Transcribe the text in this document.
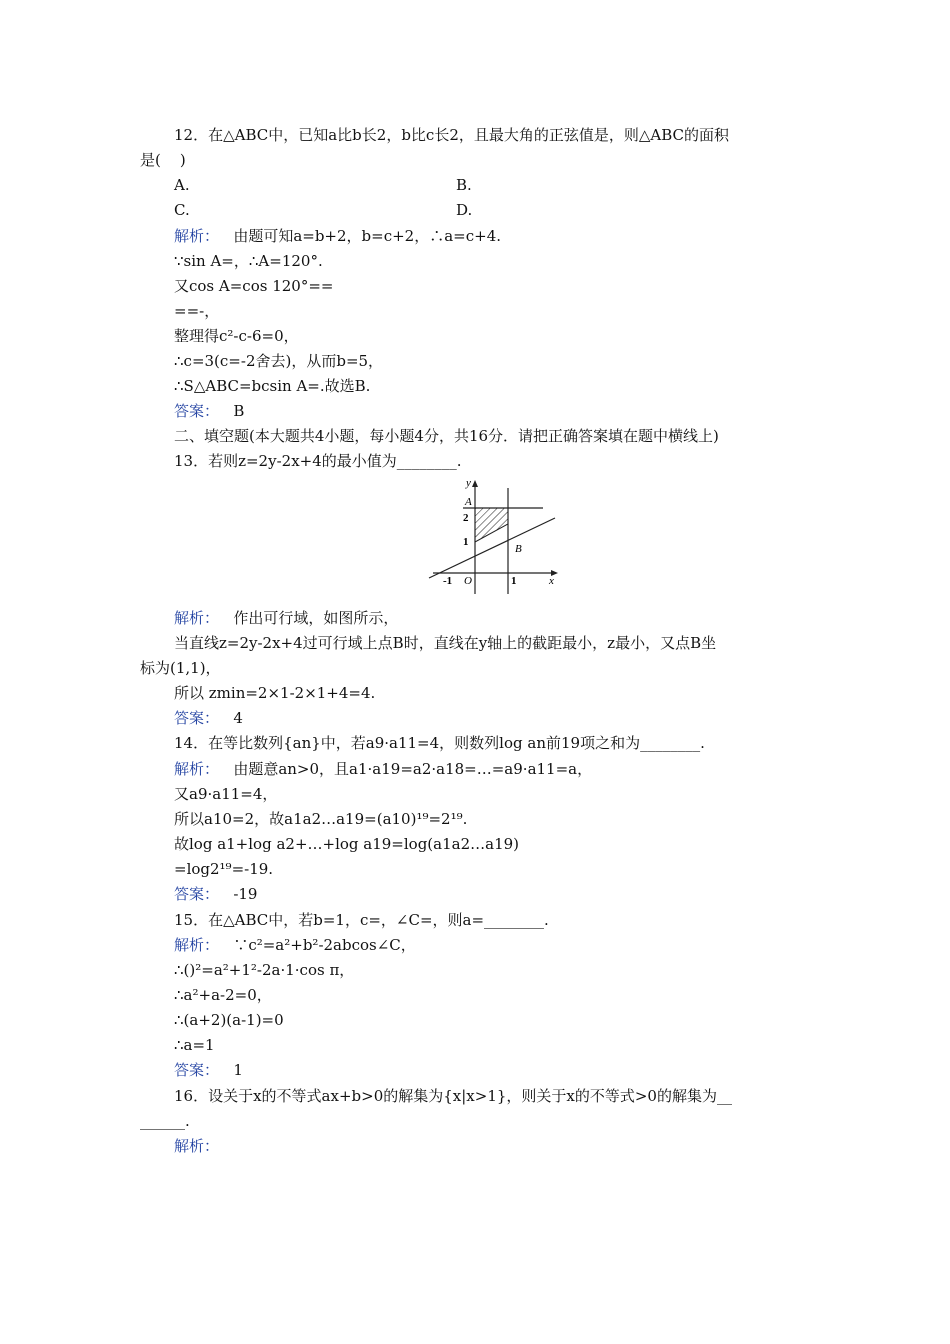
12．在△ABC中，已知a比b长2，b比c长2，且最大角的正弦值是，则△ABC的面积
是(    )
A.	B.
C.	D.
解析：   由题可知a=b+2，b=c+2，∴a=c+4.
∵sin A=，∴A=120°.
又cos A=cos 120°==
==-，
整理得c²-c-6=0，
∴c=3(c=-2舍去)，从而b=5，
∴S△ABC=bcsin A=.故选B.
答案：   B
二、填空题(本大题共4小题，每小题4分，共16分．请把正确答案填在题中横线上)
13．若则z=2y-2x+4的最小值为________.
解析：   作出可行域，如图所示，
当直线z=2y-2x+4过可行域上点B时，直线在y轴上的截距最小，z最小，又点B坐
标为(1,1)，
所以 zmin=2×1-2×1+4=4.
答案：   4
14．在等比数列{an}中，若a9·a11=4，则数列log an前19项之和为________.
解析：   由题意an>0，且a1·a19=a2·a18=…=a9·a11=a，
又a9·a11=4，
所以a10=2，故a1a2…a19=(a10)¹⁹=2¹⁹.
故log a1+log a2+…+log a19=log(a1a2…a19)
=log2¹⁹=-19.
答案：   -19
15．在△ABC中，若b=1，c=，∠C=，则a=________.
解析：   ∵c²=a²+b²-2abcos∠C，
∴()²=a²+1²-2a·1·cos π，
∴a²+a-2=0，
∴(a+2)(a-1)=0
∴a=1
答案：   1
16．设关于x的不等式ax+b>0的解集为{x|x>1}，则关于x的不等式>0的解集为__
______.
解析：
y
x
A
B
O
2
1
-1	1
